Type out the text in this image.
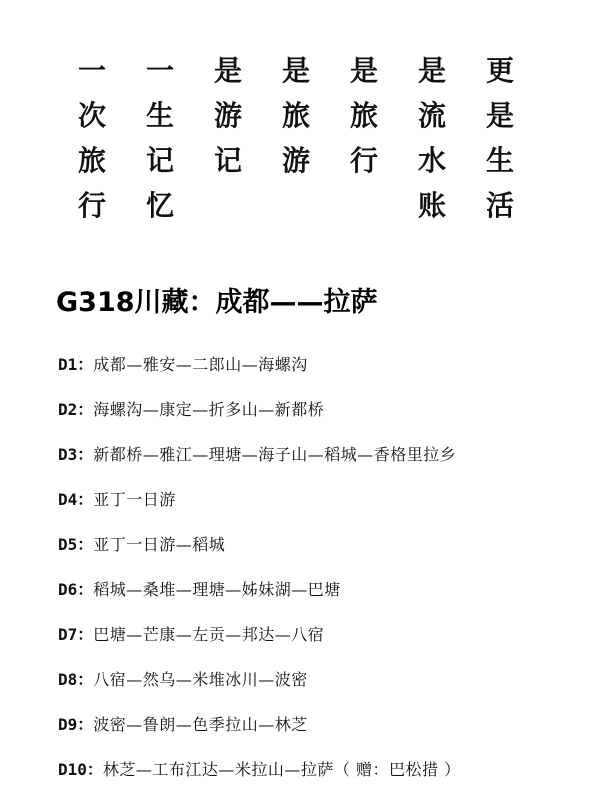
一
次
旅
行
一
生
记
忆
是
游
记
是
旅
游
是
旅
行
是
流
水
账
更
是
生
活
G318川藏：成都——拉萨
D1：成都—雅安—二郎山—海螺沟
D2：海螺沟—康定—折多山—新都桥
D3：新都桥—雅江—理塘—海子山—稻城—香格里拉乡
D4：亚丁一日游
D5：亚丁一日游—稻城
D6：稻城—桑堆—理塘—姊妹湖—巴塘
D7：巴塘—芒康—左贡—邦达—八宿
D8：八宿—然乌—米堆冰川—波密
D9：波密—鲁朗—色季拉山—林芝
D10：林芝—工布江达—米拉山—拉萨（ 赠：巴松措 ）
